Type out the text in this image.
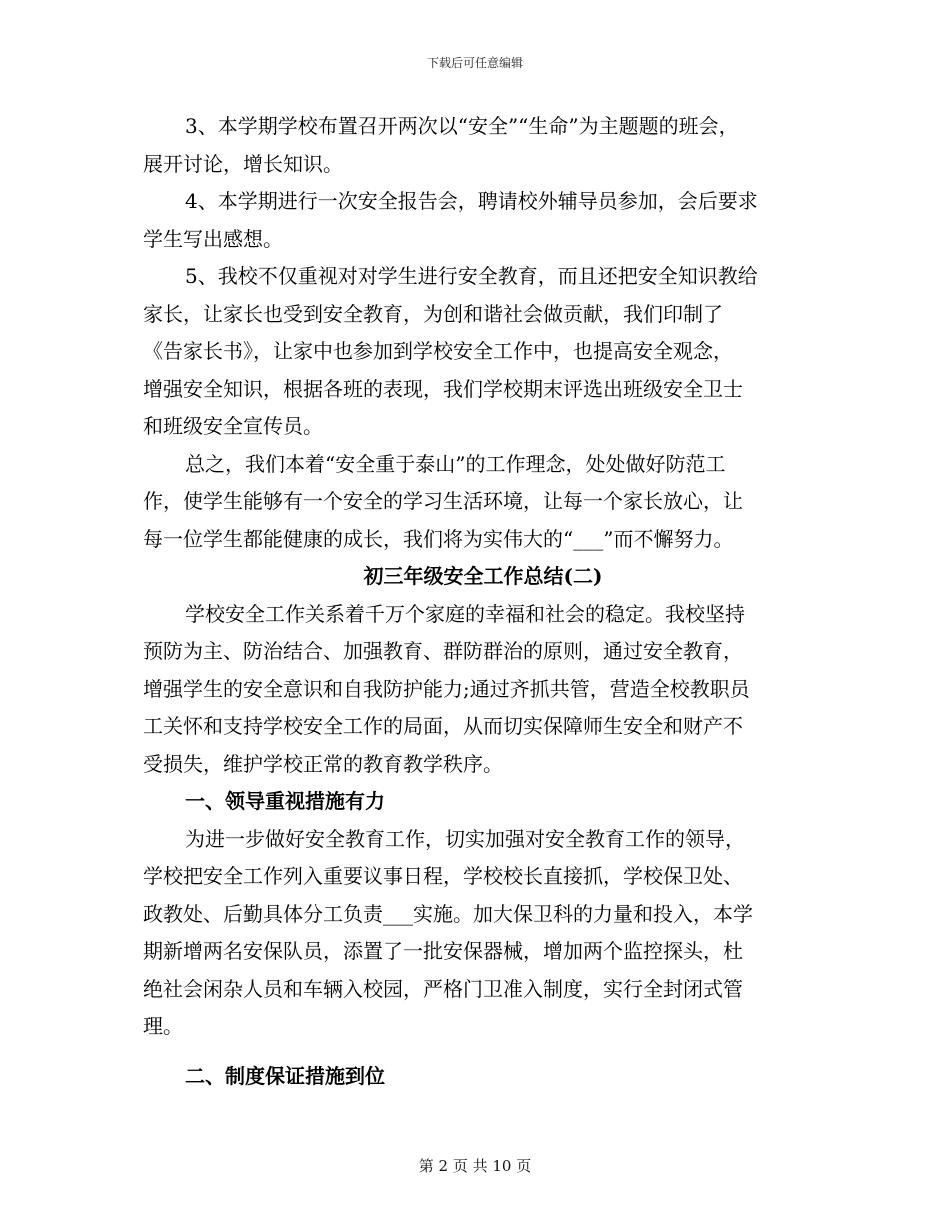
下载后可任意编辑
3、本学期学校布置召开两次以“安全”“生命”为主题题的班会，
展开讨论，增长知识。
4、本学期进行一次安全报告会，聘请校外辅导员参加，会后要求
学生写出感想。
5、我校不仅重视对对学生进行安全教育，而且还把安全知识教给
家长，让家长也受到安全教育，为创和谐社会做贡献，我们印制了
《告家长书》，让家中也参加到学校安全工作中，也提高安全观念，
增强安全知识，根据各班的表现，我们学校期末评选出班级安全卫士
和班级安全宣传员。
总之，我们本着“安全重于泰山”的工作理念，处处做好防范工
作，使学生能够有一个安全的学习生活环境，让每一个家长放心，让
每一位学生都能健康的成长，我们将为实伟大的“___”而不懈努力。
初三年级安全工作总结(二)
学校安全工作关系着千万个家庭的幸福和社会的稳定。我校坚持
预防为主、防治结合、加强教育、群防群治的原则，通过安全教育，
增强学生的安全意识和自我防护能力;通过齐抓共管，营造全校教职员
工关怀和支持学校安全工作的局面，从而切实保障师生安全和财产不
受损失，维护学校正常的教育教学秩序。
一、领导重视措施有力
为进一步做好安全教育工作，切实加强对安全教育工作的领导，
学校把安全工作列入重要议事日程，学校校长直接抓，学校保卫处、
政教处、后勤具体分工负责___实施。加大保卫科的力量和投入，本学
期新增两名安保队员，添置了一批安保器械，增加两个监控探头，杜
绝社会闲杂人员和车辆入校园，严格门卫准入制度，实行全封闭式管
理。
二、制度保证措施到位
第 2 页 共 10 页
